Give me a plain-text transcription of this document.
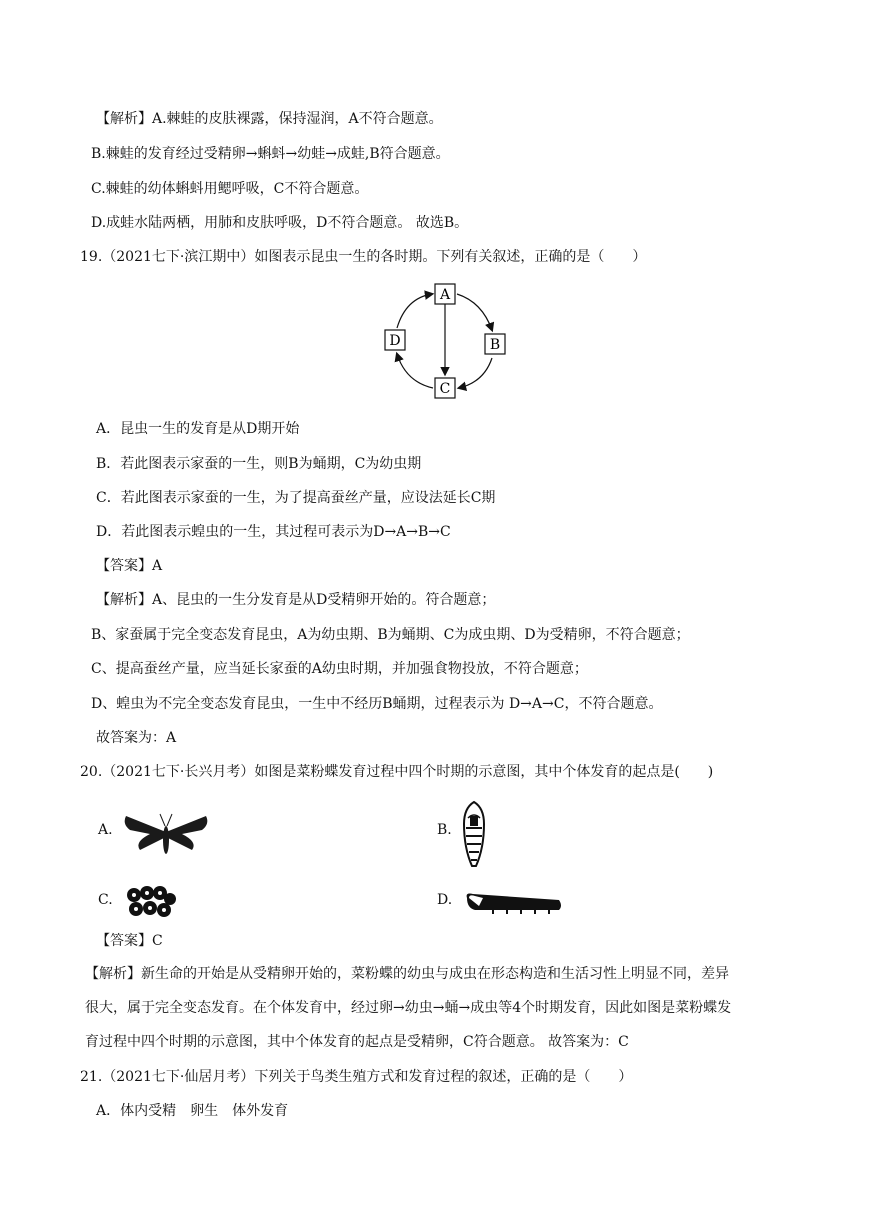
【解析】A.棘蛙的皮肤裸露，保持湿润，A不符合题意。
B.棘蛙的发育经过受精卵→蝌蚪→幼蛙→成蛙,B符合题意。
C.棘蛙的幼体蝌蚪用鳃呼吸，C不符合题意。
D.成蛙水陆两栖，用肺和皮肤呼吸，D不符合题意。 故选B。
19.（2021七下·滨江期中）如图表示昆虫一生的各时期。下列有关叙述，正确的是（　　）
A
B
C
D
A．昆虫一生的发育是从D期开始
B．若此图表示家蚕的一生，则B为蛹期，C为幼虫期
C．若此图表示家蚕的一生，为了提高蚕丝产量，应设法延长C期
D．若此图表示蝗虫的一生，其过程可表示为D→A→B→C
【答案】A
【解析】A、昆虫的一生分发育是从D受精卵开始的。符合题意；
B、家蚕属于完全变态发育昆虫，A为幼虫期、B为蛹期、C为成虫期、D为受精卵，不符合题意；
C、提高蚕丝产量，应当延长家蚕的A幼虫时期，并加强食物投放，不符合题意；
D、蝗虫为不完全变态发育昆虫，一生中不经历B蛹期，过程表示为 D→A→C，不符合题意。
故答案为：A
20.（2021七下·长兴月考）如图是菜粉蝶发育过程中四个时期的示意图，其中个体发育的起点是(　　)
A.	B.
C.	D.
【答案】C
【解析】新生命的开始是从受精卵开始的，菜粉蝶的幼虫与成虫在形态构造和生活习性上明显不同，差异很大，属于完全变态发育。在个体发育中，经过卵→幼虫→蛹→成虫等4个时期发育，因此如图是菜粉蝶发育过程中四个时期的示意图，其中个体发育的起点是受精卵，C符合题意。 故答案为：C
21.（2021七下·仙居月考）下列关于鸟类生殖方式和发育过程的叙述，正确的是（　　）
A．体内受精　卵生　体外发育
